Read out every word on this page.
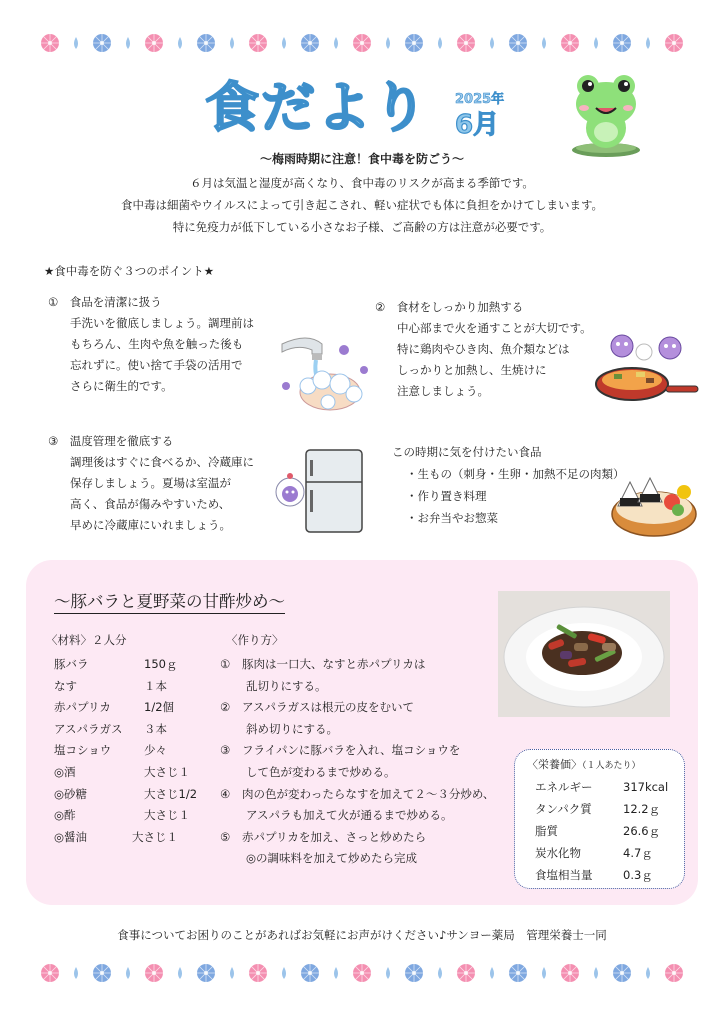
食だより 2025年
6月
～梅雨時期に注意！食中毒を防ごう～
６月は気温と湿度が高くなり、食中毒のリスクが高まる季節です。
食中毒は細菌やウイルスによって引き起こされ、軽い症状でも体に負担をかけてしまいます。
特に免疫力が低下している小さなお子様、ご高齢の方は注意が必要です。
★食中毒を防ぐ３つのポイント★
①　食品を清潔に扱う
手洗いを徹底しましょう。調理前は
もちろん、生肉や魚を触った後も
忘れずに。使い捨て手袋の活用で
さらに衛生的です。
②　食材をしっかり加熱する
中心部まで火を通すことが大切です。
特に鶏肉やひき肉、魚介類などは
しっかりと加熱し、生焼けに
注意しましょう。
③　温度管理を徹底する
調理後はすぐに食べるか、冷蔵庫に
保存しましょう。夏場は室温が
高く、食品が傷みやすいため、
早めに冷蔵庫にいれましょう。
この時期に気を付けたい食品
・生もの（刺身・生卵・加熱不足の肉類）
・作り置き料理
・お弁当やお惣菜
～豚バラと夏野菜の甘酢炒め～
〈材料〉２人分
豚バラ	150ｇ
なす	１本
赤パプリカ	1/2個
アスパラガス ３本
塩コショウ	少々
◎酒	大さじ１
◎砂糖	大さじ1/2
◎酢	大さじ１
◎醤油	大さじ１
〈作り方〉
①	豚肉は一口大、なすと赤パプリカは
乱切りにする。
②	アスパラガスは根元の皮をむいて
斜め切りにする。
③	フライパンに豚バラを入れ、塩コショウを
して色が変わるまで炒める。
④	肉の色が変わったらなすを加えて２～３分炒め、
アスパラも加えて火が通るまで炒める。
⑤	赤パプリカを加え、さっと炒めたら
◎の調味料を加えて炒めたら完成
〈栄養価〉（１人あたり）
エネルギー	317kcal
タンパク質	12.2ｇ
脂質	26.6ｇ
炭水化物	4.7ｇ
食塩相当量	0.3ｇ
食事についてお困りのことがあればお気軽にお声がけください♪サンヨー薬局　管理栄養士一同
